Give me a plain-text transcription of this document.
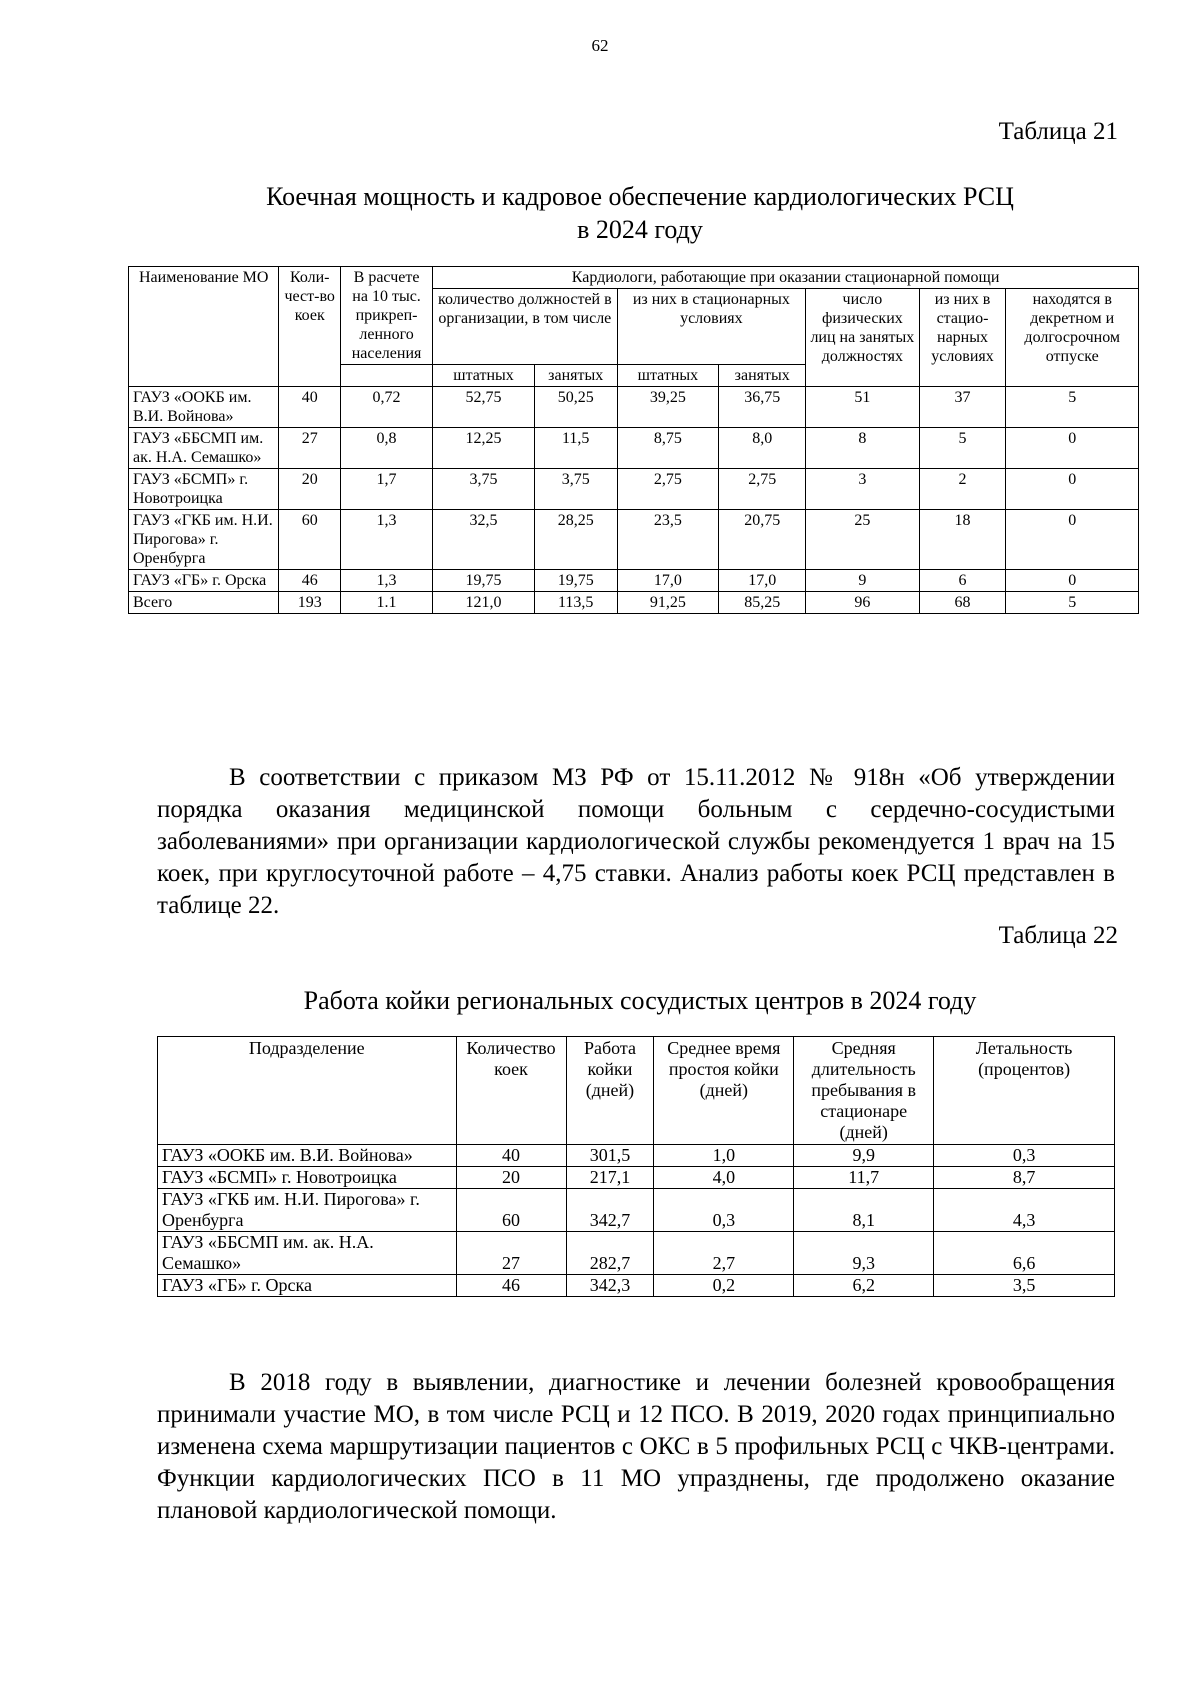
62
Таблица 21
Коечная мощность и кадровое обеспечение кардиологических РСЦ
в 2024 году
Наименование МО	Коли-чест-во коек	В расчете на 10 тыс. прикреп-ленного населения	Кардиологи, работающие при оказании стационарной помощи						
			количество должностей в организации, в том числе		из них в стационарных условиях		число физических лиц на занятых должностях	из них в стацио-нарных условиях	находятся в декретном и долгосрочном отпуске
			штатных	занятых	штатных	занятых			
ГАУЗ «ООКБ им. В.И. Войнова»	40	0,72	52,75	50,25	39,25	36,75	51	37	5
ГАУЗ «ББСМП им. ак. Н.А. Семашко»	27	0,8	12,25	11,5	8,75	8,0	8	5	0
ГАУЗ «БСМП» г. Новотроицка	20	1,7	3,75	3,75	2,75	2,75	3	2	0
ГАУЗ «ГКБ им. Н.И. Пирогова» г. Оренбурга	60	1,3	32,5	28,25	23,5	20,75	25	18	0
ГАУЗ «ГБ» г. Орска	46	1,3	19,75	19,75	17,0	17,0	9	6	0
Всего	193	1.1	121,0	113,5	91,25	85,25	96	68	5

В соответствии с приказом МЗ РФ от 15.11.2012 № 918н «Об утверждении порядка оказания медицинской помощи больным с сердечно-сосудистыми заболеваниями» при организации кардиологической службы рекомендуется 1 врач на 15 коек, при круглосуточной работе – 4,75 ставки. Анализ работы коек РСЦ представлен в таблице 22.

Таблица 22
Работа койки региональных сосудистых центров в 2024 году
Подразделение	Количество коек	Работа койки (дней)	Среднее время простоя койки (дней)	Средняя длительность пребывания в стационаре (дней)	Летальность (процентов)
ГАУЗ «ООКБ им. В.И. Войнова»	40	301,5	1,0	9,9	0,3
ГАУЗ «БСМП» г. Новотроицка	20	217,1	4,0	11,7	8,7
ГАУЗ «ГКБ им. Н.И. Пирогова» г. Оренбурга	60	342,7	0,3	8,1	4,3
ГАУЗ «ББСМП им. ак. Н.А. Семашко»	27	282,7	2,7	9,3	6,6
ГАУЗ «ГБ» г. Орска	46	342,3	0,2	6,2	3,5

В 2018 году в выявлении, диагностике и лечении болезней кровообращения принимали участие МО, в том числе РСЦ и 12 ПСО. В 2019, 2020 годах принципиально изменена схема маршрутизации пациентов с ОКС в 5 профильных РСЦ с ЧКВ-центрами. Функции кардиологических ПСО в 11 МО упразднены, где продолжено оказание плановой кардиологической помощи.
